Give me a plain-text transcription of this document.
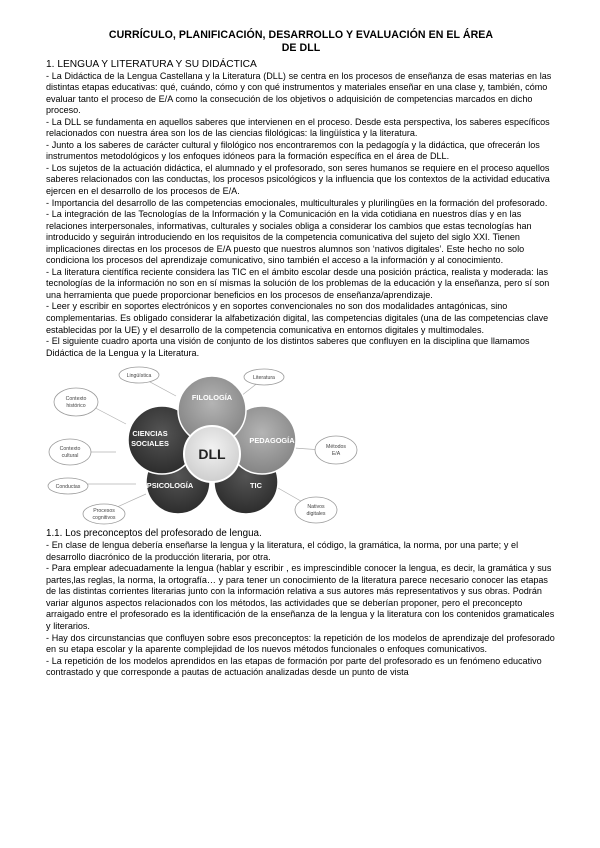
CURRÍCULO, PLANIFICACIÓN, DESARROLLO Y EVALUACIÓN EN EL ÁREA
DE DLL
1. LENGUA Y LITERATURA Y SU DIDÁCTICA

- La Didáctica de la Lengua Castellana y la Literatura (DLL) se centra en los procesos de enseñanza de esas materias en las distintas etapas educativas: qué, cuándo, cómo y con qué instrumentos y materiales enseñar en una clase y, también, cómo evaluar tanto el proceso de E/A como la consecución de los objetivos o adquisición de competencias marcados en dicho proceso.

- La DLL se fundamenta en aquellos saberes que intervienen en el proceso. Desde esta perspectiva, los saberes específicos relacionados con nuestra área son los de las ciencias filológicas: la lingüística y la literatura.

- Junto a los saberes de carácter cultural y filológico nos encontraremos con la pedagogía y la didáctica, que ofrecerán los instrumentos metodológicos y los enfoques idóneos para la formación específica en el área de DLL.

- Los sujetos de la actuación didáctica, el alumnado y el profesorado, son seres humanos se requiere en el proceso aquellos saberes relacionados con las conductas, los procesos psicológicos y la influencia que los contextos de la actividad educativa ejercen en el desarrollo de los procesos de E/A.

- Importancia del desarrollo de las competencias emocionales, multiculturales y plurilingües en la formación del profesorado.

- La integración de las Tecnologías de la Información y la Comunicación en la vida cotidiana en nuestros días y en las relaciones interpersonales, informativas, culturales y sociales obliga a considerar los cambios que estas tecnologías han introducido y seguirán introduciendo en los requisitos de la competencia comunicativa del sujeto del siglo XXI. Tienen implicaciones directas en los procesos de E/A puesto que nuestros alumnos son ‘nativos digitales’. Este hecho no solo condiciona los procesos del aprendizaje comunicativo, sino también el acceso a la información y al conocimiento.

- La literatura científica reciente considera las TIC en el ámbito escolar desde una posición práctica, realista y moderada: las tecnologías de la información no son en sí mismas la solución de los problemas de la educación y la enseñanza, pero sí son una herramienta que puede proporcionar beneficios en los procesos de enseñanza/aprendizaje.

- Leer y escribir en soportes electrónicos y en soportes convencionales no son dos modalidades antagónicas, sino complementarias. Es obligado considerar la alfabetización digital, las competencias digitales (una de las competencias clave establecidas por la UE) y el desarrollo de la competencia comunicativa en entornos digitales y multimodales.

- El siguiente cuadro aporta una visión de conjunto de los distintos saberes que confluyen en la disciplina que llamamos Didáctica de la Lengua y la Literatura.

Lingüística	Literatura
Contexto
histórico
Contexto
cultural
Métodos
E/A
Conductas
Nativos
digitales
Procesos
cognitivos
PSICOLOGÍA	TIC
CIENCIAS
SOCIALES	PEDAGOGÍA
FILOLOGÍA
DLL
1.1. Los preconceptos del profesorado de lengua.

- En clase de lengua debería enseñarse la lengua y la literatura, el código, la gramática, la norma, por una parte; y el desarrollo diacrónico de la producción literaria, por otra.

- Para emplear adecuadamente la lengua (hablar y escribir , es imprescindible conocer la lengua, es decir, la gramática y sus partes,las reglas, la norma, la ortografía… y para tener un conocimiento de la literatura parece necesario conocer las etapas de las distintas corrientes literarias junto con la información relativa a sus autores más representativos y sus obras. Podrán variar algunos aspectos relacionados con los métodos, las actividades que se deberían proponer, pero el preconcepto arraigado entre el profesorado es la identificación de la enseñanza de la lengua y la literatura con los contenidos gramaticales y literarios.

- Hay dos circunstancias que confluyen sobre esos preconceptos: la repetición de los modelos de aprendizaje del profesorado en su etapa escolar y la aparente complejidad de los nuevos métodos funcionales o enfoques comunicativos.

- La repetición de los modelos aprendidos en las etapas de formación por parte del profesorado es un fenómeno educativo contrastado y que corresponde a pautas de actuación analizadas desde un punto de vista
